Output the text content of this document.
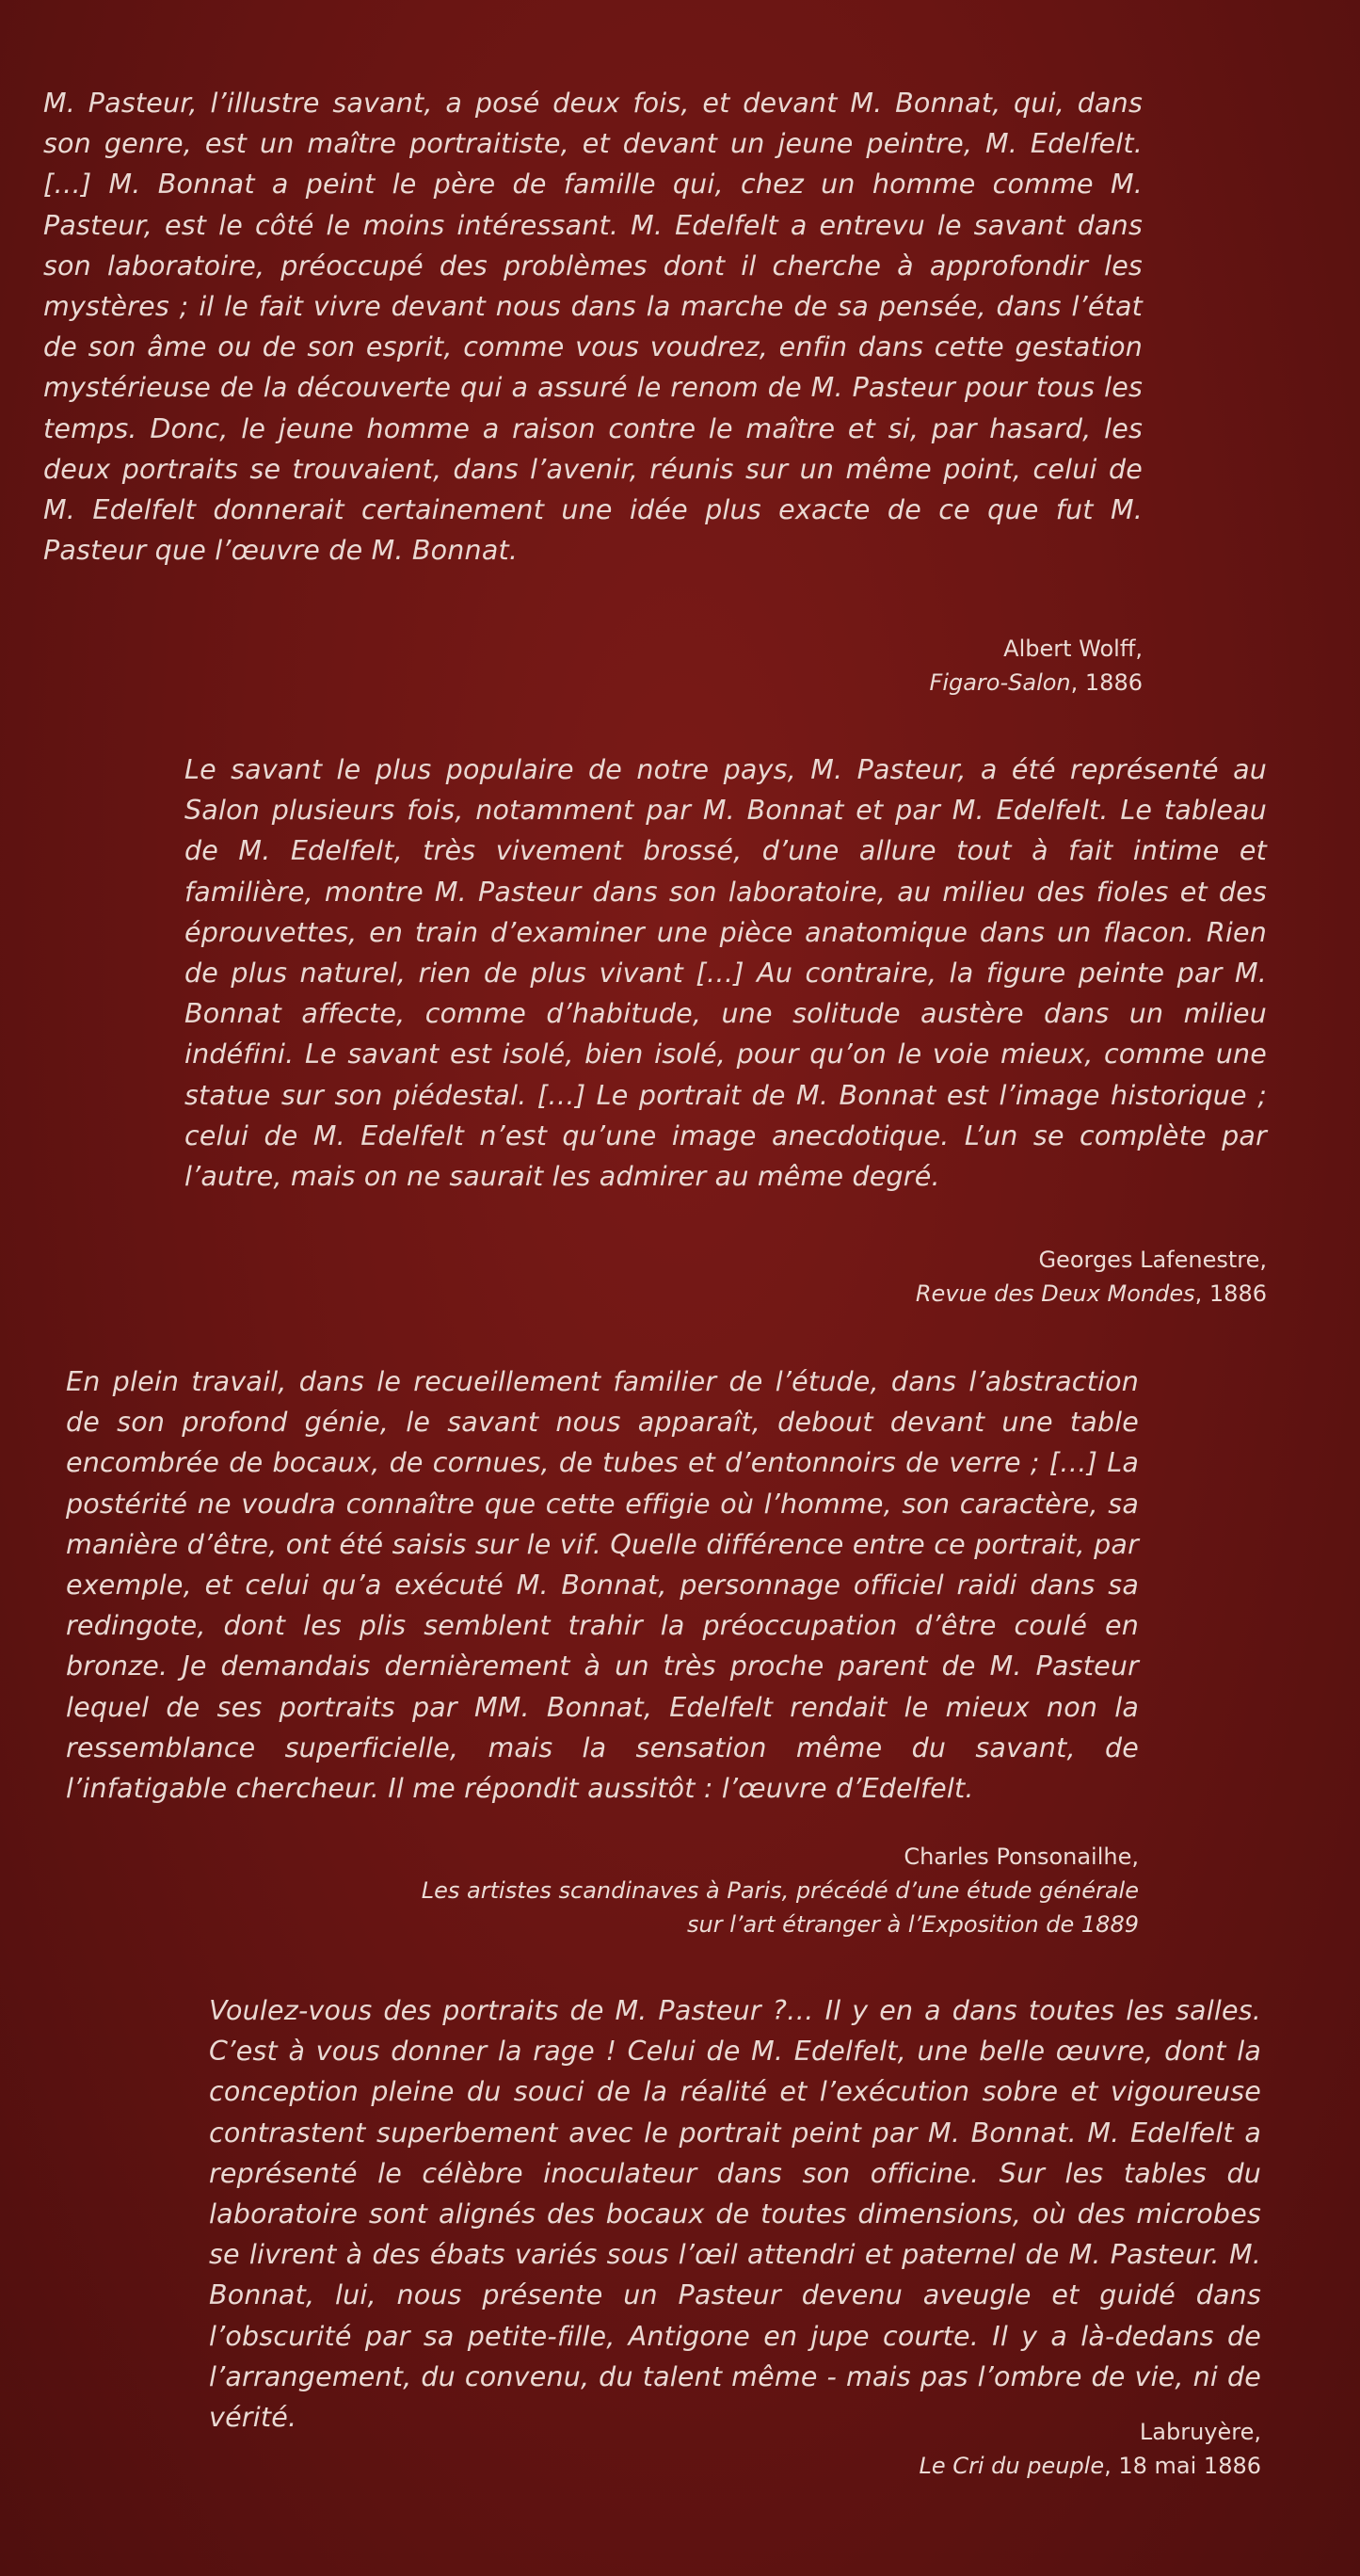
M. Pasteur, l’illustre savant, a posé deux fois, et devant M. Bonnat, qui, dans son genre, est un maître portraitiste, et devant un jeune peintre, M. Edelfelt. […] M. Bonnat a peint le père de famille qui, chez un homme comme M. Pasteur, est le côté le moins intéressant. M. Edelfelt a entrevu le savant dans son laboratoire, préoccupé des problèmes dont il cherche à approfondir les mystères ; il le fait vivre devant nous dans la marche de sa pensée, dans l’état de son âme ou de son esprit, comme vous voudrez, enfin dans cette gestation mystérieuse de la découverte qui a assuré le renom de M. Pasteur pour tous les temps. Donc, le jeune homme a raison contre le maître et si, par hasard, les deux portraits se trouvaient, dans l’avenir, réunis sur un même point, celui de M. Edelfelt donnerait certainement une idée plus exacte de ce que fut M. Pasteur que l’œuvre de M. Bonnat.

Albert Wolff,
Figaro-Salon, 1886

Le savant le plus populaire de notre pays, M. Pasteur, a été représenté au Salon plusieurs fois, notamment par M. Bonnat et par M. Edelfelt. Le tableau de M. Edelfelt, très vivement brossé, d’une allure tout à fait intime et familière, montre M. Pasteur dans son laboratoire, au milieu des fioles et des éprouvettes, en train d’examiner une pièce anatomique dans un flacon. Rien de plus naturel, rien de plus vivant […] Au contraire, la figure peinte par M. Bonnat affecte, comme d’habitude, une solitude austère dans un milieu indéfini. Le savant est isolé, bien isolé, pour qu’on le voie mieux, comme une statue sur son piédestal. […] Le portrait de M. Bonnat est l’image historique ; celui de M. Edelfelt n’est qu’une image anecdotique. L’un se complète par l’autre, mais on ne saurait les admirer au même degré.

Georges Lafenestre,
Revue des Deux Mondes, 1886

En plein travail, dans le recueillement familier de l’étude, dans l’abstraction de son profond génie, le savant nous apparaît, debout devant une table encombrée de bocaux, de cornues, de tubes et d’entonnoirs de verre ; […] La postérité ne voudra connaître que cette effigie où l’homme, son caractère, sa manière d’être, ont été saisis sur le vif. Quelle différence entre ce portrait, par exemple, et celui qu’a exécuté M. Bonnat, personnage officiel raidi dans sa redingote, dont les plis semblent trahir la préoccupation d’être coulé en bronze. Je demandais dernièrement à un très proche parent de M. Pasteur lequel de ses portraits par MM. Bonnat, Edelfelt rendait le mieux non la ressemblance superficielle, mais la sensation même du savant, de l’infatigable chercheur. Il me répondit aussitôt : l’œuvre d’Edelfelt.

Charles Ponsonailhe,
Les artistes scandinaves à Paris, précédé d’une étude générale
sur l’art étranger à l’Exposition de 1889

Voulez-vous des portraits de M. Pasteur ?… Il y en a dans toutes les salles. C’est à vous donner la rage ! Celui de M. Edelfelt, une belle œuvre, dont la conception pleine du souci de la réalité et l’exécution sobre et vigoureuse contrastent superbement avec le portrait peint par M. Bonnat. M. Edelfelt a représenté le célèbre inoculateur dans son officine. Sur les tables du laboratoire sont alignés des bocaux de toutes dimensions, où des microbes se livrent à des ébats variés sous l’œil attendri et paternel de M. Pasteur. M. Bonnat, lui, nous présente un Pasteur devenu aveugle et guidé dans l’obscurité par sa petite-fille, Antigone en jupe courte. Il y a là-dedans de l’arrangement, du convenu, du talent même - mais pas l’ombre de vie, ni de vérité.	Labruyère,
Le Cri du peuple, 18 mai 1886
